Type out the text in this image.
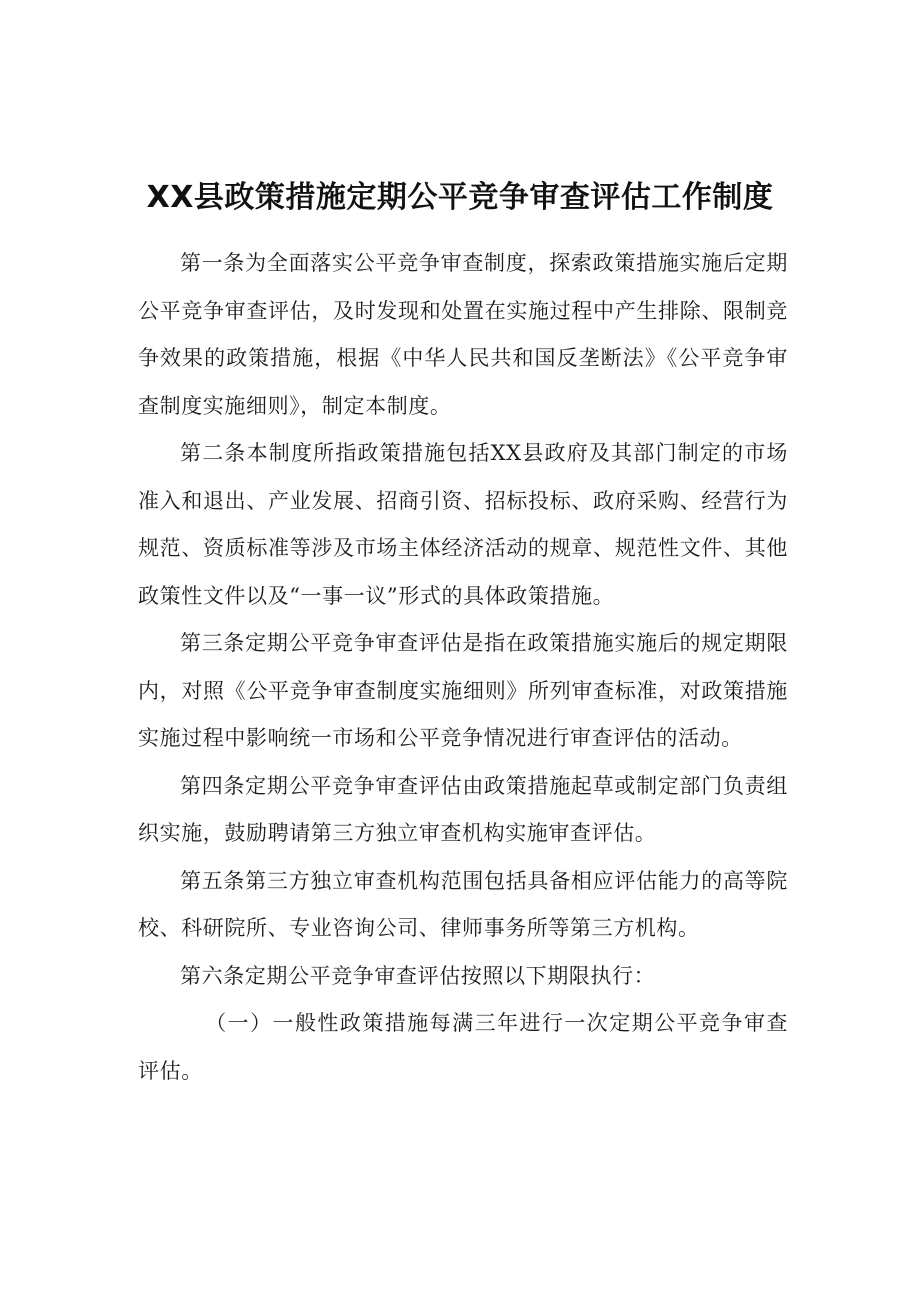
XX县政策措施定期公平竞争审查评估工作制度

第一条为全面落实公平竞争审查制度，探索政策措施实施后定期公平竞争审查评估，及时发现和处置在实施过程中产生排除、限制竞争效果的政策措施，根据《中华人民共和国反垄断法》《公平竞争审查制度实施细则》，制定本制度。

第二条本制度所指政策措施包括XX县政府及其部门制定的市场准入和退出、产业发展、招商引资、招标投标、政府采购、经营行为规范、资质标准等涉及市场主体经济活动的规章、规范性文件、其他政策性文件以及“一事一议”形式的具体政策措施。

第三条定期公平竞争审查评估是指在政策措施实施后的规定期限内，对照《公平竞争审查制度实施细则》所列审查标准，对政策措施实施过程中影响统一市场和公平竞争情况进行审查评估的活动。

第四条定期公平竞争审查评估由政策措施起草或制定部门负责组织实施，鼓励聘请第三方独立审查机构实施审查评估。

第五条第三方独立审查机构范围包括具备相应评估能力的高等院校、科研院所、专业咨询公司、律师事务所等第三方机构。

第六条定期公平竞争审查评估按照以下期限执行：

（一）一般性政策措施每满三年进行一次定期公平竞争审查评估。
